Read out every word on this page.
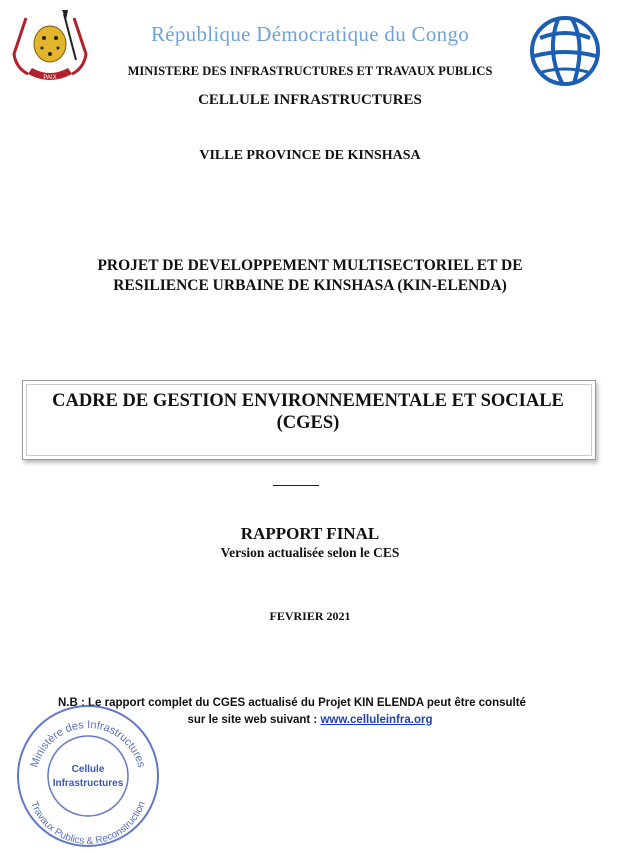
PAIX
République Démocratique du Congo
MINISTERE DES INFRASTRUCTURES ET TRAVAUX PUBLICS
CELLULE INFRASTRUCTURES
VILLE PROVINCE DE KINSHASA
PROJET DE DEVELOPPEMENT MULTISECTORIEL ET DE
RESILIENCE URBAINE DE KINSHASA (KIN-ELENDA)
CADRE DE GESTION ENVIRONNEMENTALE ET SOCIALE
(CGES)
RAPPORT FINAL
Version actualisée selon le CES
FEVRIER 2021
N.B : Le rapport complet du CGES actualisé du Projet KIN ELENDA peut être consulté
sur le site web suivant : www.celluleinfra.org
Ministère des Infrastructures
Travaux Publics & Reconstruction
Cellule
Infrastructures
